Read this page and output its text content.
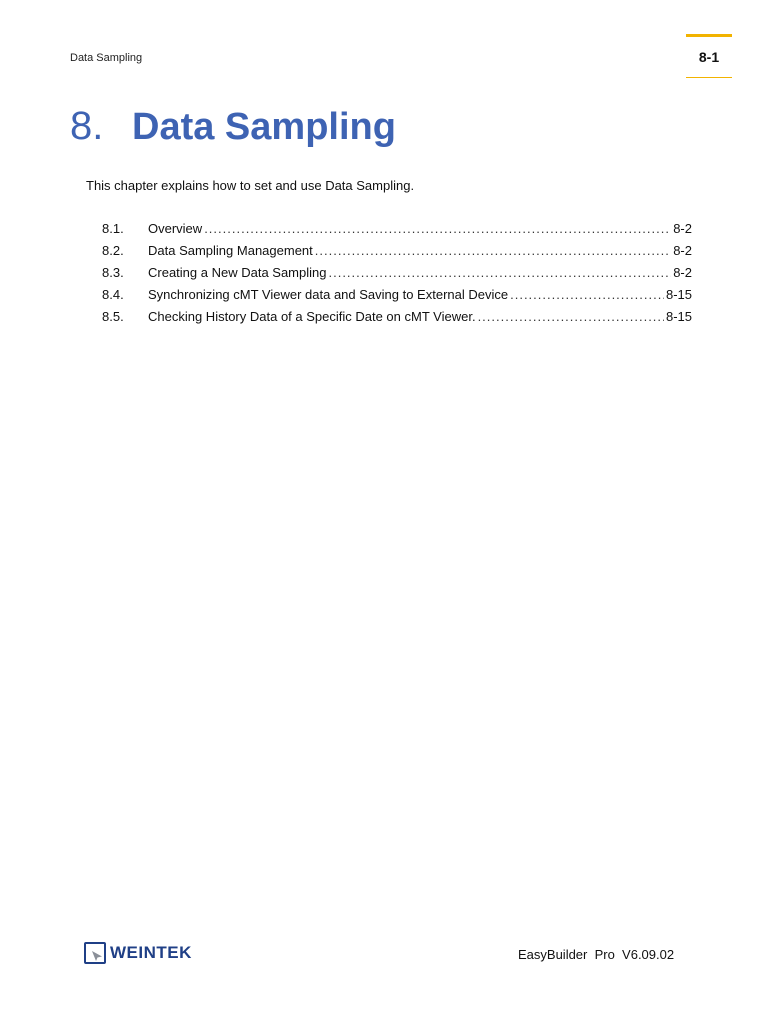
Data Sampling	8-1
8. Data Sampling
This chapter explains how to set and use Data Sampling.
8.1.	Overview .....	8-2
8.2.	Data Sampling Management .....	8-2
8.3.	Creating a New Data Sampling .....	8-2
8.4.	Synchronizing cMT Viewer data and Saving to External Device .....	8-15
8.5.	Checking History Data of a Specific Date on cMT Viewer. .....	8-15
WEINTEK	EasyBuilder  Pro  V6.09.02
